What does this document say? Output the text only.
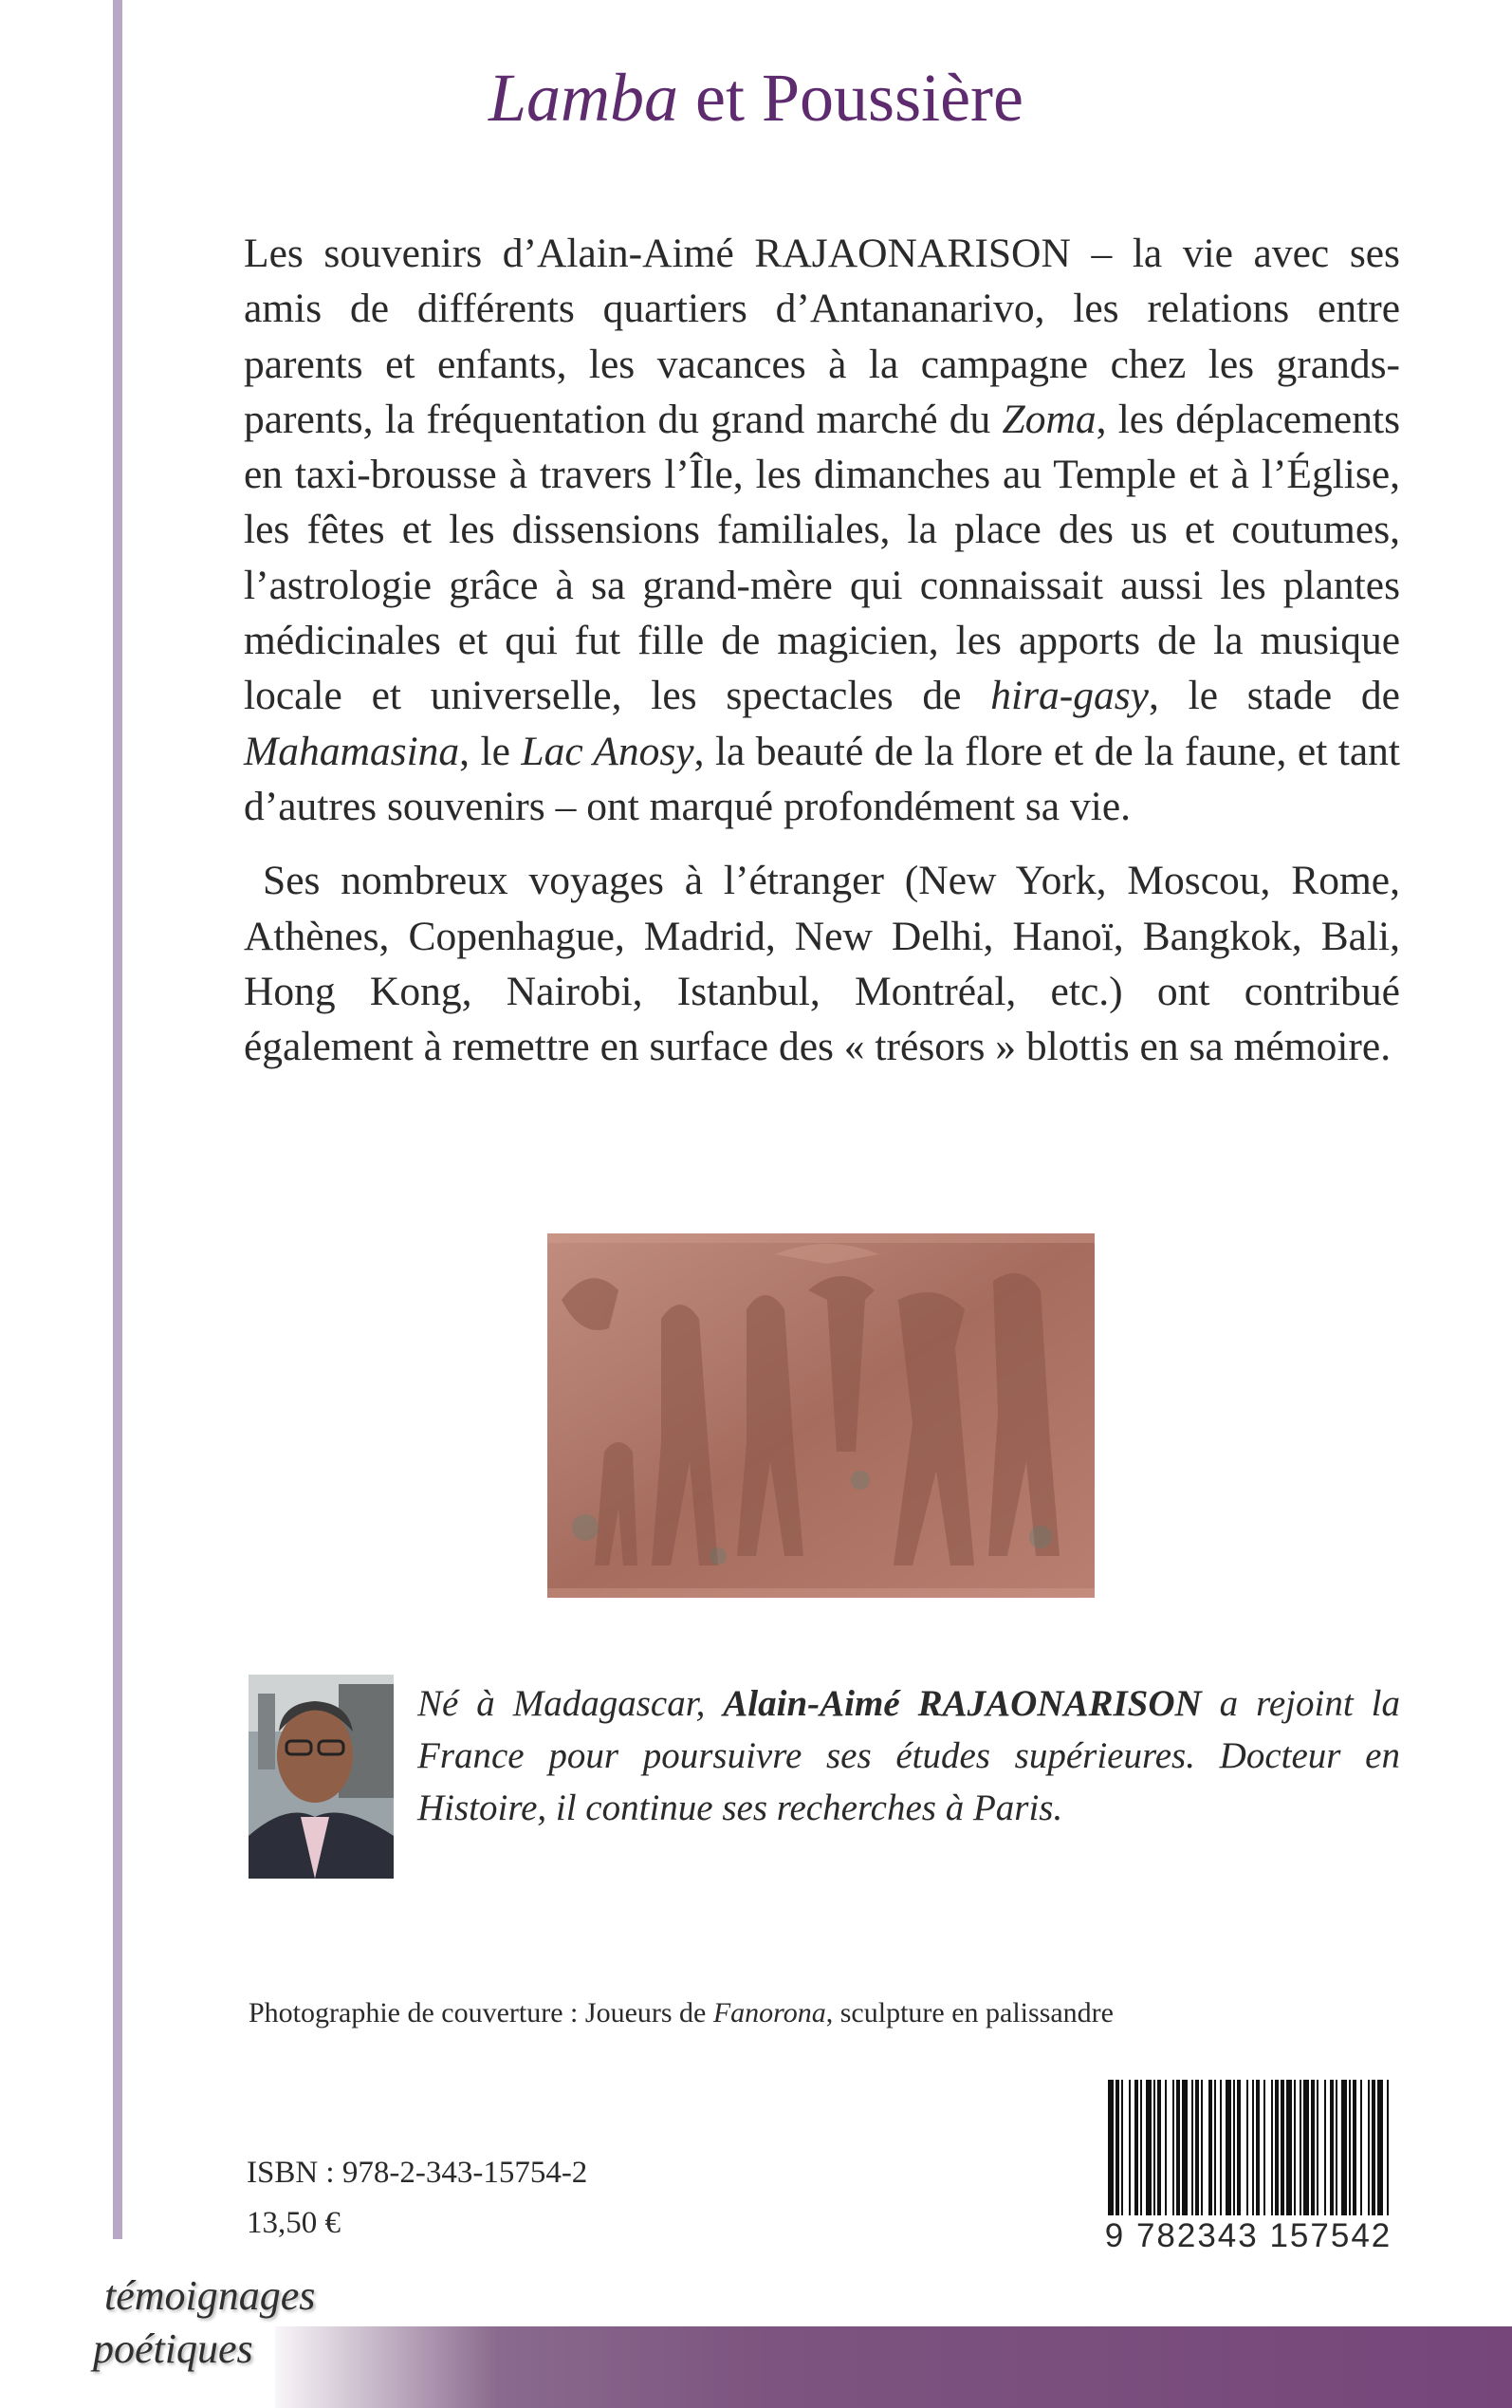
Lamba et Poussière

Les souvenirs d’Alain-Aimé RAJAONARISON – la vie avec ses amis de différents quartiers d’Antananarivo, les relations entre parents et enfants, les vacances à la campagne chez les grands-parents, la fréquentation du grand marché du Zoma, les déplacements en taxi-brousse à travers l’Île, les dimanches au Temple et à l’Église, les fêtes et les dissensions familiales, la place des us et coutumes, l’astrologie grâce à sa grand-mère qui connaissait aussi les plantes médicinales et qui fut fille de magicien, les apports de la musique locale et universelle, les spectacles de hira-gasy, le stade de Mahamasina, le Lac Anosy, la beauté de la flore et de la faune, et tant d’autres souvenirs – ont marqué profondément sa vie.

Ses nombreux voyages à l’étranger (New York, Moscou, Rome, Athènes, Copenhague, Madrid, New Delhi, Hanoï, Bangkok, Bali, Hong Kong, Nairobi, Istanbul, Montréal, etc.) ont contribué également à remettre en surface des « trésors » blottis en sa mémoire.

Né à Madagascar, Alain-Aimé RAJAONARISON a rejoint la France pour poursuivre ses études supérieures. Docteur en Histoire, il continue ses recherches à Paris.

Photographie de couverture : Joueurs de Fanorona, sculpture en palissandre

ISBN : 978-2-343-15754-2

13,50 €	9 782343 157542

témoignages
poétiques
